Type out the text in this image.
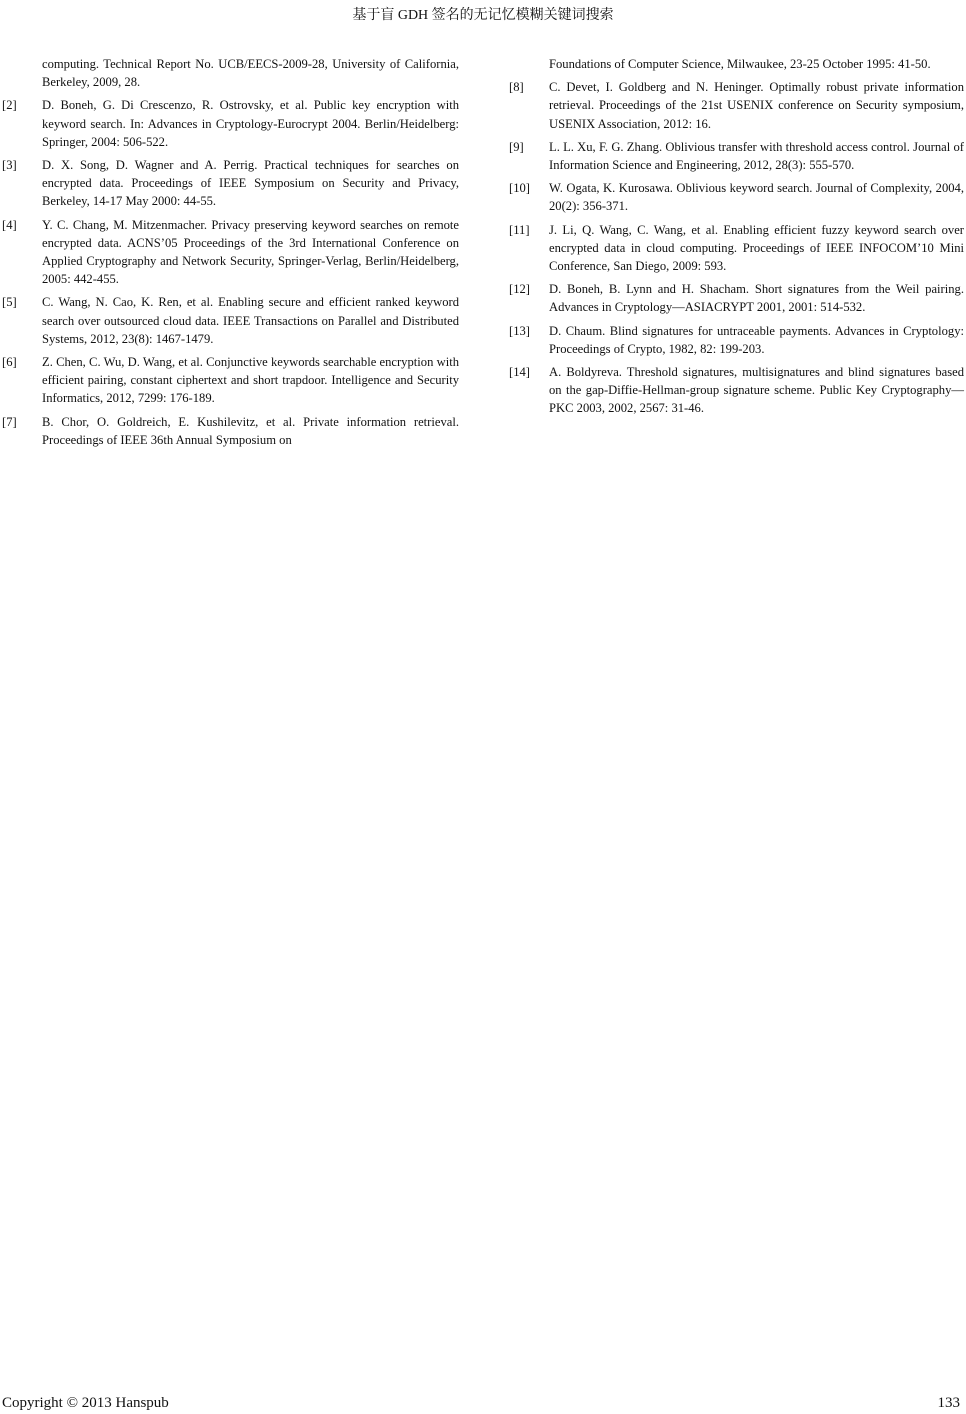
基于盲 GDH 签名的无记忆模糊关键词搜索
computing. Technical Report No. UCB/EECS-2009-28, University of California, Berkeley, 2009, 28.
[2] D. Boneh, G. Di Crescenzo, R. Ostrovsky, et al. Public key encryption with keyword search. In: Advances in Cryptology-Eurocrypt 2004. Berlin/Heidelberg: Springer, 2004: 506-522.
[3] D. X. Song, D. Wagner and A. Perrig. Practical techniques for searches on encrypted data. Proceedings of IEEE Symposium on Security and Privacy, Berkeley, 14-17 May 2000: 44-55.
[4] Y. C. Chang, M. Mitzenmacher. Privacy preserving keyword searches on remote encrypted data. ACNS’05 Proceedings of the 3rd International Conference on Applied Cryptography and Network Security, Springer-Verlag, Berlin/Heidelberg, 2005: 442-455.
[5] C. Wang, N. Cao, K. Ren, et al. Enabling secure and efficient ranked keyword search over outsourced cloud data. IEEE Transactions on Parallel and Distributed Systems, 2012, 23(8): 1467-1479.
[6] Z. Chen, C. Wu, D. Wang, et al. Conjunctive keywords searchable encryption with efficient pairing, constant ciphertext and short trapdoor. Intelligence and Security Informatics, 2012, 7299: 176-189.
[7] B. Chor, O. Goldreich, E. Kushilevitz, et al. Private information retrieval. Proceedings of IEEE 36th Annual Symposium on
Foundations of Computer Science, Milwaukee, 23-25 October 1995: 41-50.
[8] C. Devet, I. Goldberg and N. Heninger. Optimally robust private information retrieval. Proceedings of the 21st USENIX conference on Security symposium, USENIX Association, 2012: 16.
[9] L. L. Xu, F. G. Zhang. Oblivious transfer with threshold access control. Journal of Information Science and Engineering, 2012, 28(3): 555-570.
[10] W. Ogata, K. Kurosawa. Oblivious keyword search. Journal of Complexity, 2004, 20(2): 356-371.
[11] J. Li, Q. Wang, C. Wang, et al. Enabling efficient fuzzy keyword search over encrypted data in cloud computing. Proceedings of IEEE INFOCOM’10 Mini Conference, San Diego, 2009: 593.
[12] D. Boneh, B. Lynn and H. Shacham. Short signatures from the Weil pairing. Advances in Cryptology—ASIACRYPT 2001, 2001: 514-532.
[13] D. Chaum. Blind signatures for untraceable payments. Advances in Cryptology: Proceedings of Crypto, 1982, 82: 199-203.
[14] A. Boldyreva. Threshold signatures, multisignatures and blind signatures based on the gap-Diffie-Hellman-group signature scheme. Public Key Cryptography—PKC 2003, 2002, 2567: 31-46.
Copyright © 2013 Hanspub	133
